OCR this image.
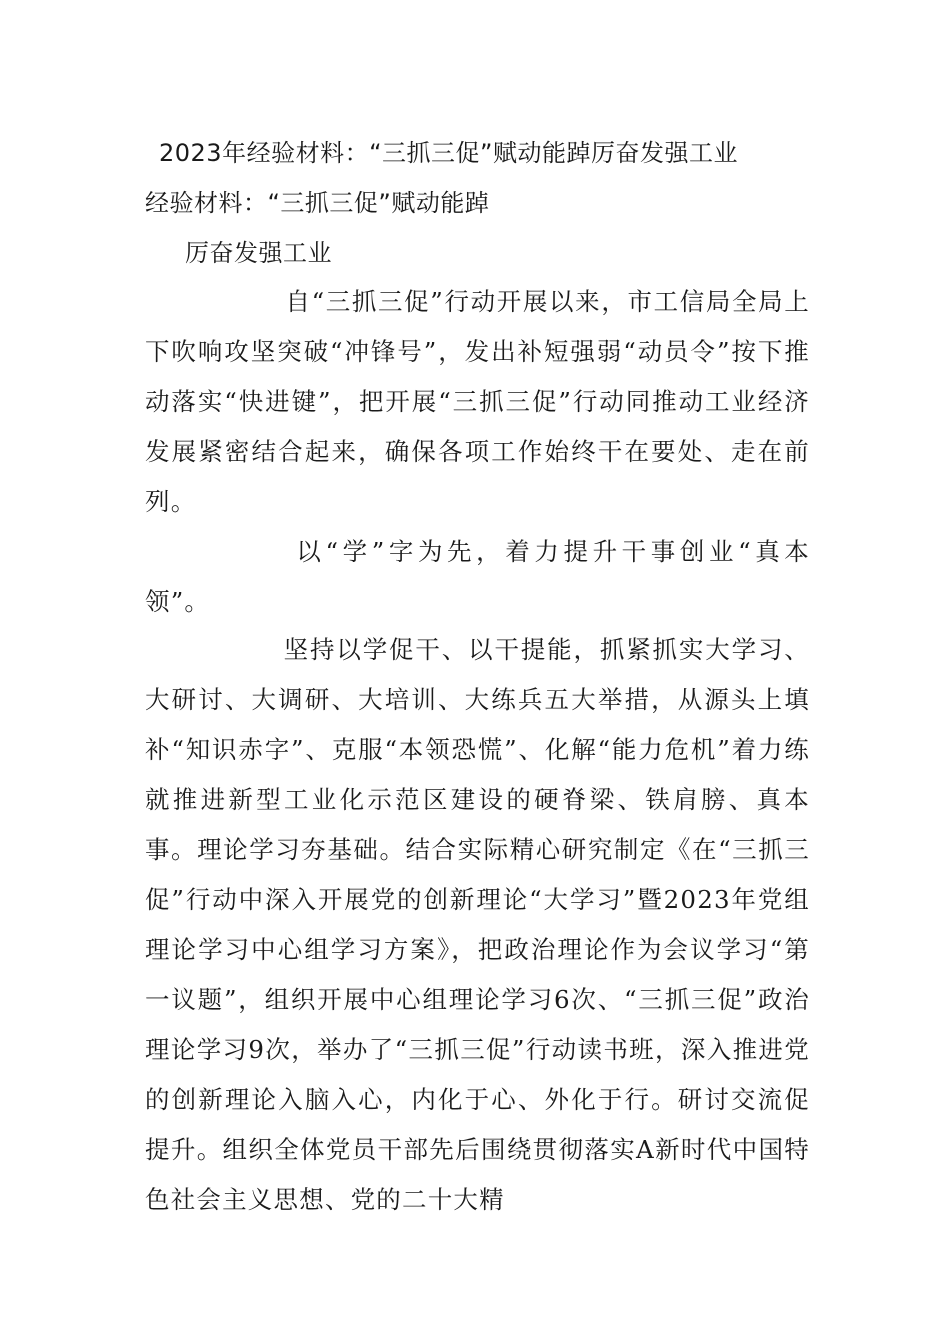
2023年经验材料：“三抓三促”赋动能踔厉奋发强工业
经验材料：“三抓三促”赋动能踔
厉奋发强工业
自“三抓三促”行动开展以来，市工信局全局上下吹响攻坚突破“冲锋号”，发出补短强弱“动员令”按下推动落实“快进键”，把开展“三抓三促”行动同推动工业经济发展紧密结合起来，确保各项工作始终干在要处、走在前列。
以“学”字为先，着力提升干事创业“真本领”。
坚持以学促干、以干提能，抓紧抓实大学习、大研讨、大调研、大培训、大练兵五大举措，从源头上填补“知识赤字”、克服“本领恐慌”、化解“能力危机”着力练就推进新型工业化示范区建设的硬脊梁、铁肩膀、真本事。理论学习夯基础。结合实际精心研究制定《在“三抓三促”行动中深入开展党的创新理论“大学习”暨2023年党组理论学习中心组学习方案》，把政治理论作为会议学习“第一议题”，组织开展中心组理论学习6次、“三抓三促”政治理论学习9次，举办了“三抓三促”行动读书班，深入推进党的创新理论入脑入心，内化于心、外化于行。研讨交流促提升。组织全体党员干部先后围绕贯彻落实A新时代中国特色社会主义思想、党的二十大精
